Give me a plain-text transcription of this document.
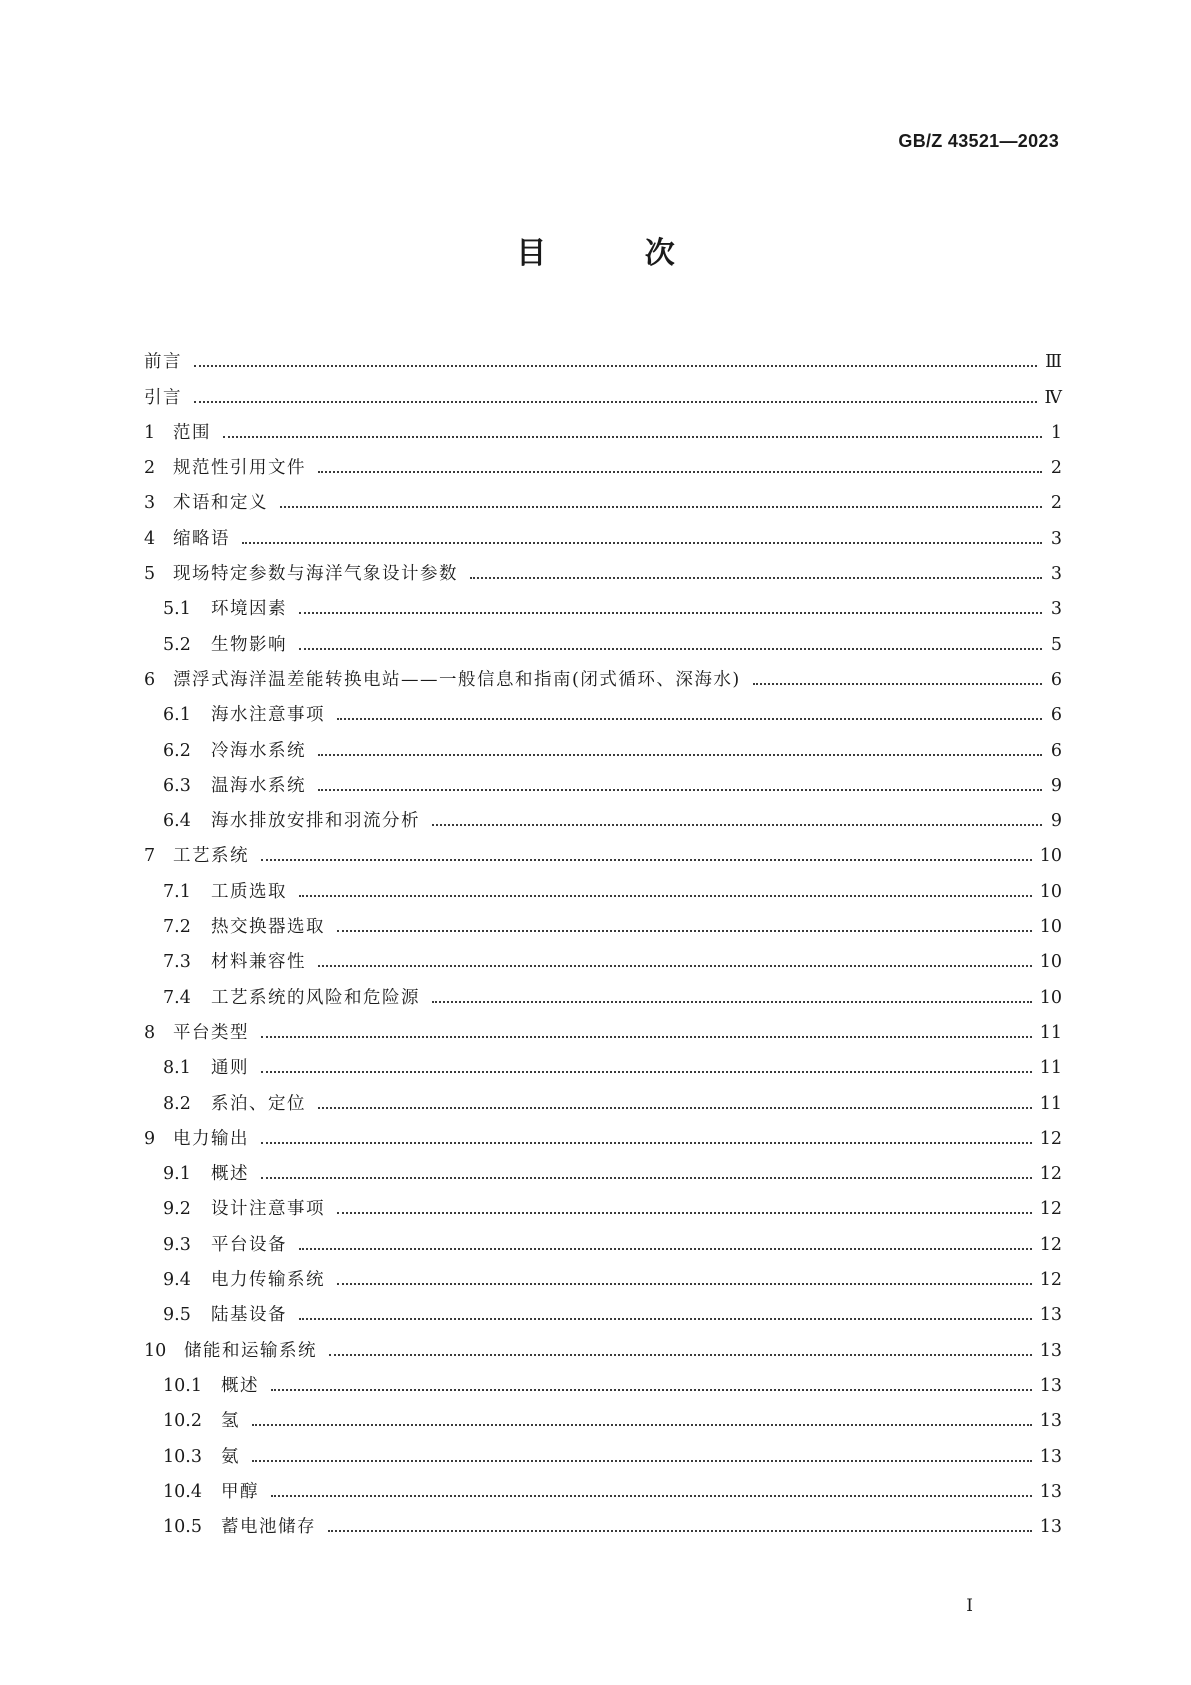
GB/Z 43521—2023
目 次
前言	Ⅲ
引言	Ⅳ
1	范围	1
2	规范性引用文件	2
3	术语和定义	2
4	缩略语	3
5	现场特定参数与海洋气象设计参数	3
5.1	环境因素	3
5.2	生物影响	5
6	漂浮式海洋温差能转换电站——一般信息和指南(闭式循环、深海水)	6
6.1	海水注意事项	6
6.2	冷海水系统	6
6.3	温海水系统	9
6.4	海水排放安排和羽流分析	9
7	工艺系统	10
7.1	工质选取	10
7.2	热交换器选取	10
7.3	材料兼容性	10
7.4	工艺系统的风险和危险源	10
8	平台类型	11
8.1	通则	11
8.2	系泊、定位	11
9	电力输出	12
9.1	概述	12
9.2	设计注意事项	12
9.3	平台设备	12
9.4	电力传输系统	12
9.5	陆基设备	13
10	储能和运输系统	13
10.1	概述	13
10.2	氢	13
10.3	氨	13
10.4	甲醇	13
10.5	蓄电池储存	13
I
